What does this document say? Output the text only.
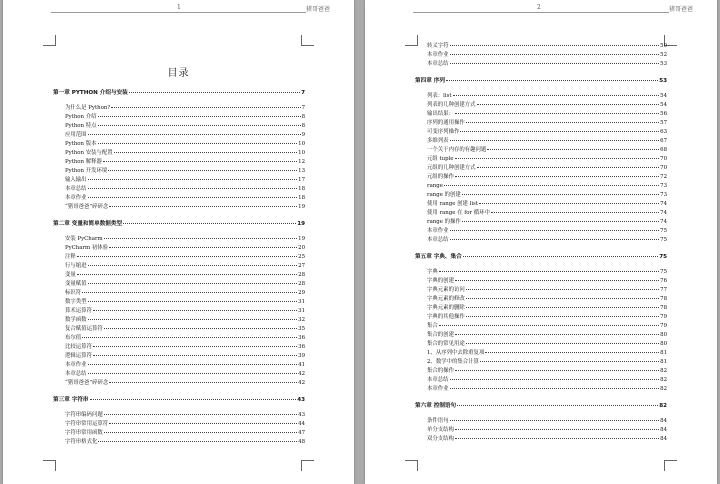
1	猪哥爸爸
目录
第一章 PYTHON 介绍与安装	7
为什么是 Python?	7
Python 介绍	8
Python 特点	8
应用范围	9
Python 版本	10
Python 安装与配置	10
Python 解释器	12
Python 开发环境	13
输入输出	17
本章总结	18
本章作业	18
“猪哥爸爸”碎碎念	19
第二章 变量和简单数据类型	19
安装 PyCharm	19
PyCharm 初体验	20
注释	25
行与缩进	27
变量	28
变量赋值	28
标识符	29
数字类型	31
算术运算符	31
数学函数	32
复合赋值运算符	35
布尔值	36
比较运算符	36
逻辑运算符	39
本章作业	41
本章总结	42
“猪哥爸爸”碎碎念	42
第三章 字符串	43
字符串编码问题	43
字符串常用运算符	44
字符串常用函数	47
字符串格式化	48
2	猪哥爸爸
转义字符	50
本章作业	52
本章总结	53
第四章 序列	53
列表：list	54
列表的几种创建方式	54
输出结果：	56
序列的通用操作	57
可变序列操作	63
多维列表	67
一个关于内存的有趣问题	68
元组 tuple	70
元组的几种创建方式	70
元组的操作	72
range	73
range 的创建	73
使用 range 创建 list	74
使用 range 在 for 循环中	74
range 的操作	74
本章作业	75
本章总结	75
第五章 字典、集合	75
字典	75
字典的创建	76
字典元素的访问	77
字典元素的修改	78
字典元素的删除	78
字典的其他操作	79
集合	79
集合的创建	80
集合的常见用途	80
1、从序列中去除重复项	81
2、数学中的集合计算	81
集合的操作	82
本章总结	82
本章作业	82
第六章 控制语句	82
条件语句	84
单分支结构	84
双分支结构	84
